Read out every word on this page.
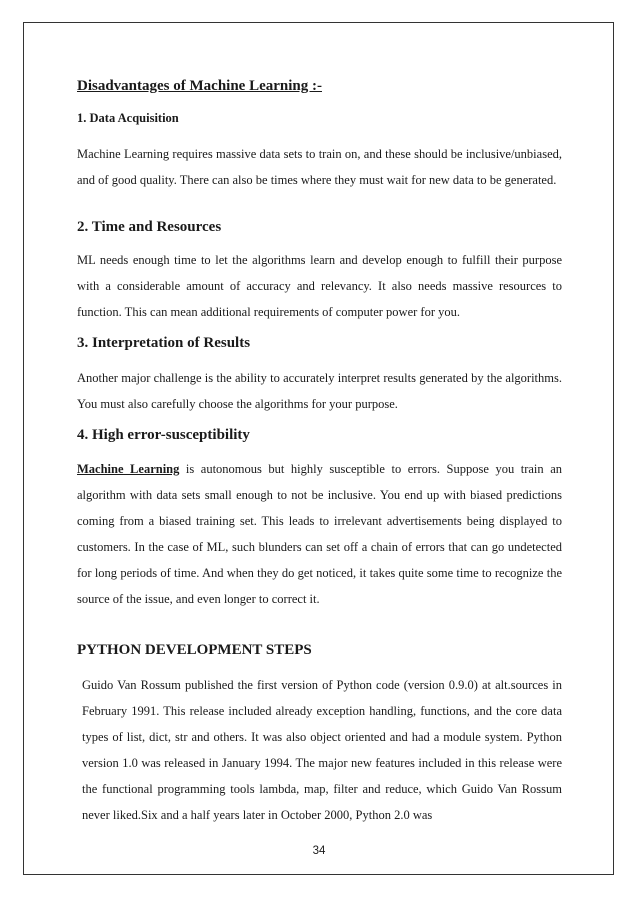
Disadvantages of Machine Learning :-
1. Data Acquisition
Machine Learning requires massive data sets to train on, and these should be inclusive/unbiased, and of good quality. There can also be times where they must wait for new data to be generated.
2. Time and Resources
ML needs enough time to let the algorithms learn and develop enough to fulfill their purpose with a considerable amount of accuracy and relevancy. It also needs massive resources to function. This can mean additional requirements of computer power for you.
3. Interpretation of Results
Another major challenge is the ability to accurately interpret results generated by the algorithms. You must also carefully choose the algorithms for your purpose.
4. High error-susceptibility
Machine Learning is autonomous but highly susceptible to errors. Suppose you train an algorithm with data sets small enough to not be inclusive. You end up with biased predictions coming from a biased training set. This leads to irrelevant advertisements being displayed to customers. In the case of ML, such blunders can set off a chain of errors that can go undetected for long periods of time. And when they do get noticed, it takes quite some time to recognize the source of the issue, and even longer to correct it.
PYTHON DEVELOPMENT STEPS
Guido Van Rossum published the first version of Python code (version 0.9.0) at alt.sources in February 1991. This release included already exception handling, functions, and the core data types of list, dict, str and others. It was also object oriented and had a module system. Python version 1.0 was released in January 1994. The major new features included in this release were the functional programming tools lambda, map, filter and reduce, which Guido Van Rossum never liked.Six and a half years later in October 2000, Python 2.0 was
34
